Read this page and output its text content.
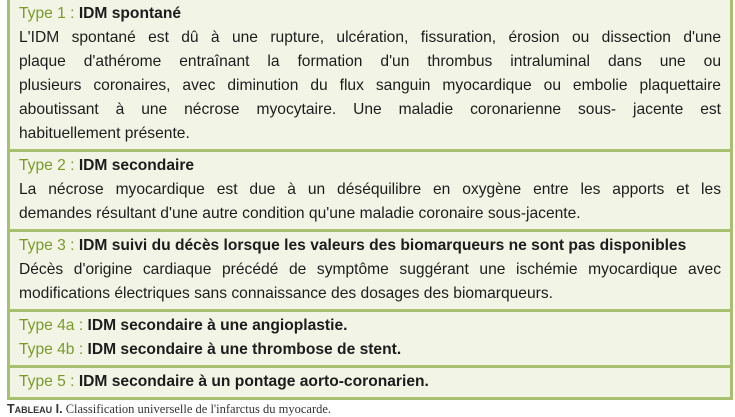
Type 1 : IDM spontané
L'IDM spontané est dû à une rupture, ulcération, fissuration, érosion ou dissection d'une
plaque d'athérome entraînant la formation d'un thrombus intraluminal dans une ou
plusieurs coronaires, avec diminution du flux sanguin myocardique ou embolie plaquettaire
aboutissant à une nécrose myocytaire. Une maladie coronarienne sous- jacente est
habituellement présente.
Type 2 : IDM secondaire
La nécrose myocardique est due à un déséquilibre en oxygène entre les apports et les
demandes résultant d'une autre condition qu'une maladie coronaire sous-jacente.
Type 3 : IDM suivi du décès lorsque les valeurs des biomarqueurs ne sont pas disponibles
Décès d'origine cardiaque précédé de symptôme suggérant une ischémie myocardique avec
modifications électriques sans connaissance des dosages des biomarqueurs.
Type 4a : IDM secondaire à une angioplastie.
Type 4b : IDM secondaire à une thrombose de stent.
Type 5 : IDM secondaire à un pontage aorto-coronarien.
Tableau I. Classification universelle de l'infarctus du myocarde.
